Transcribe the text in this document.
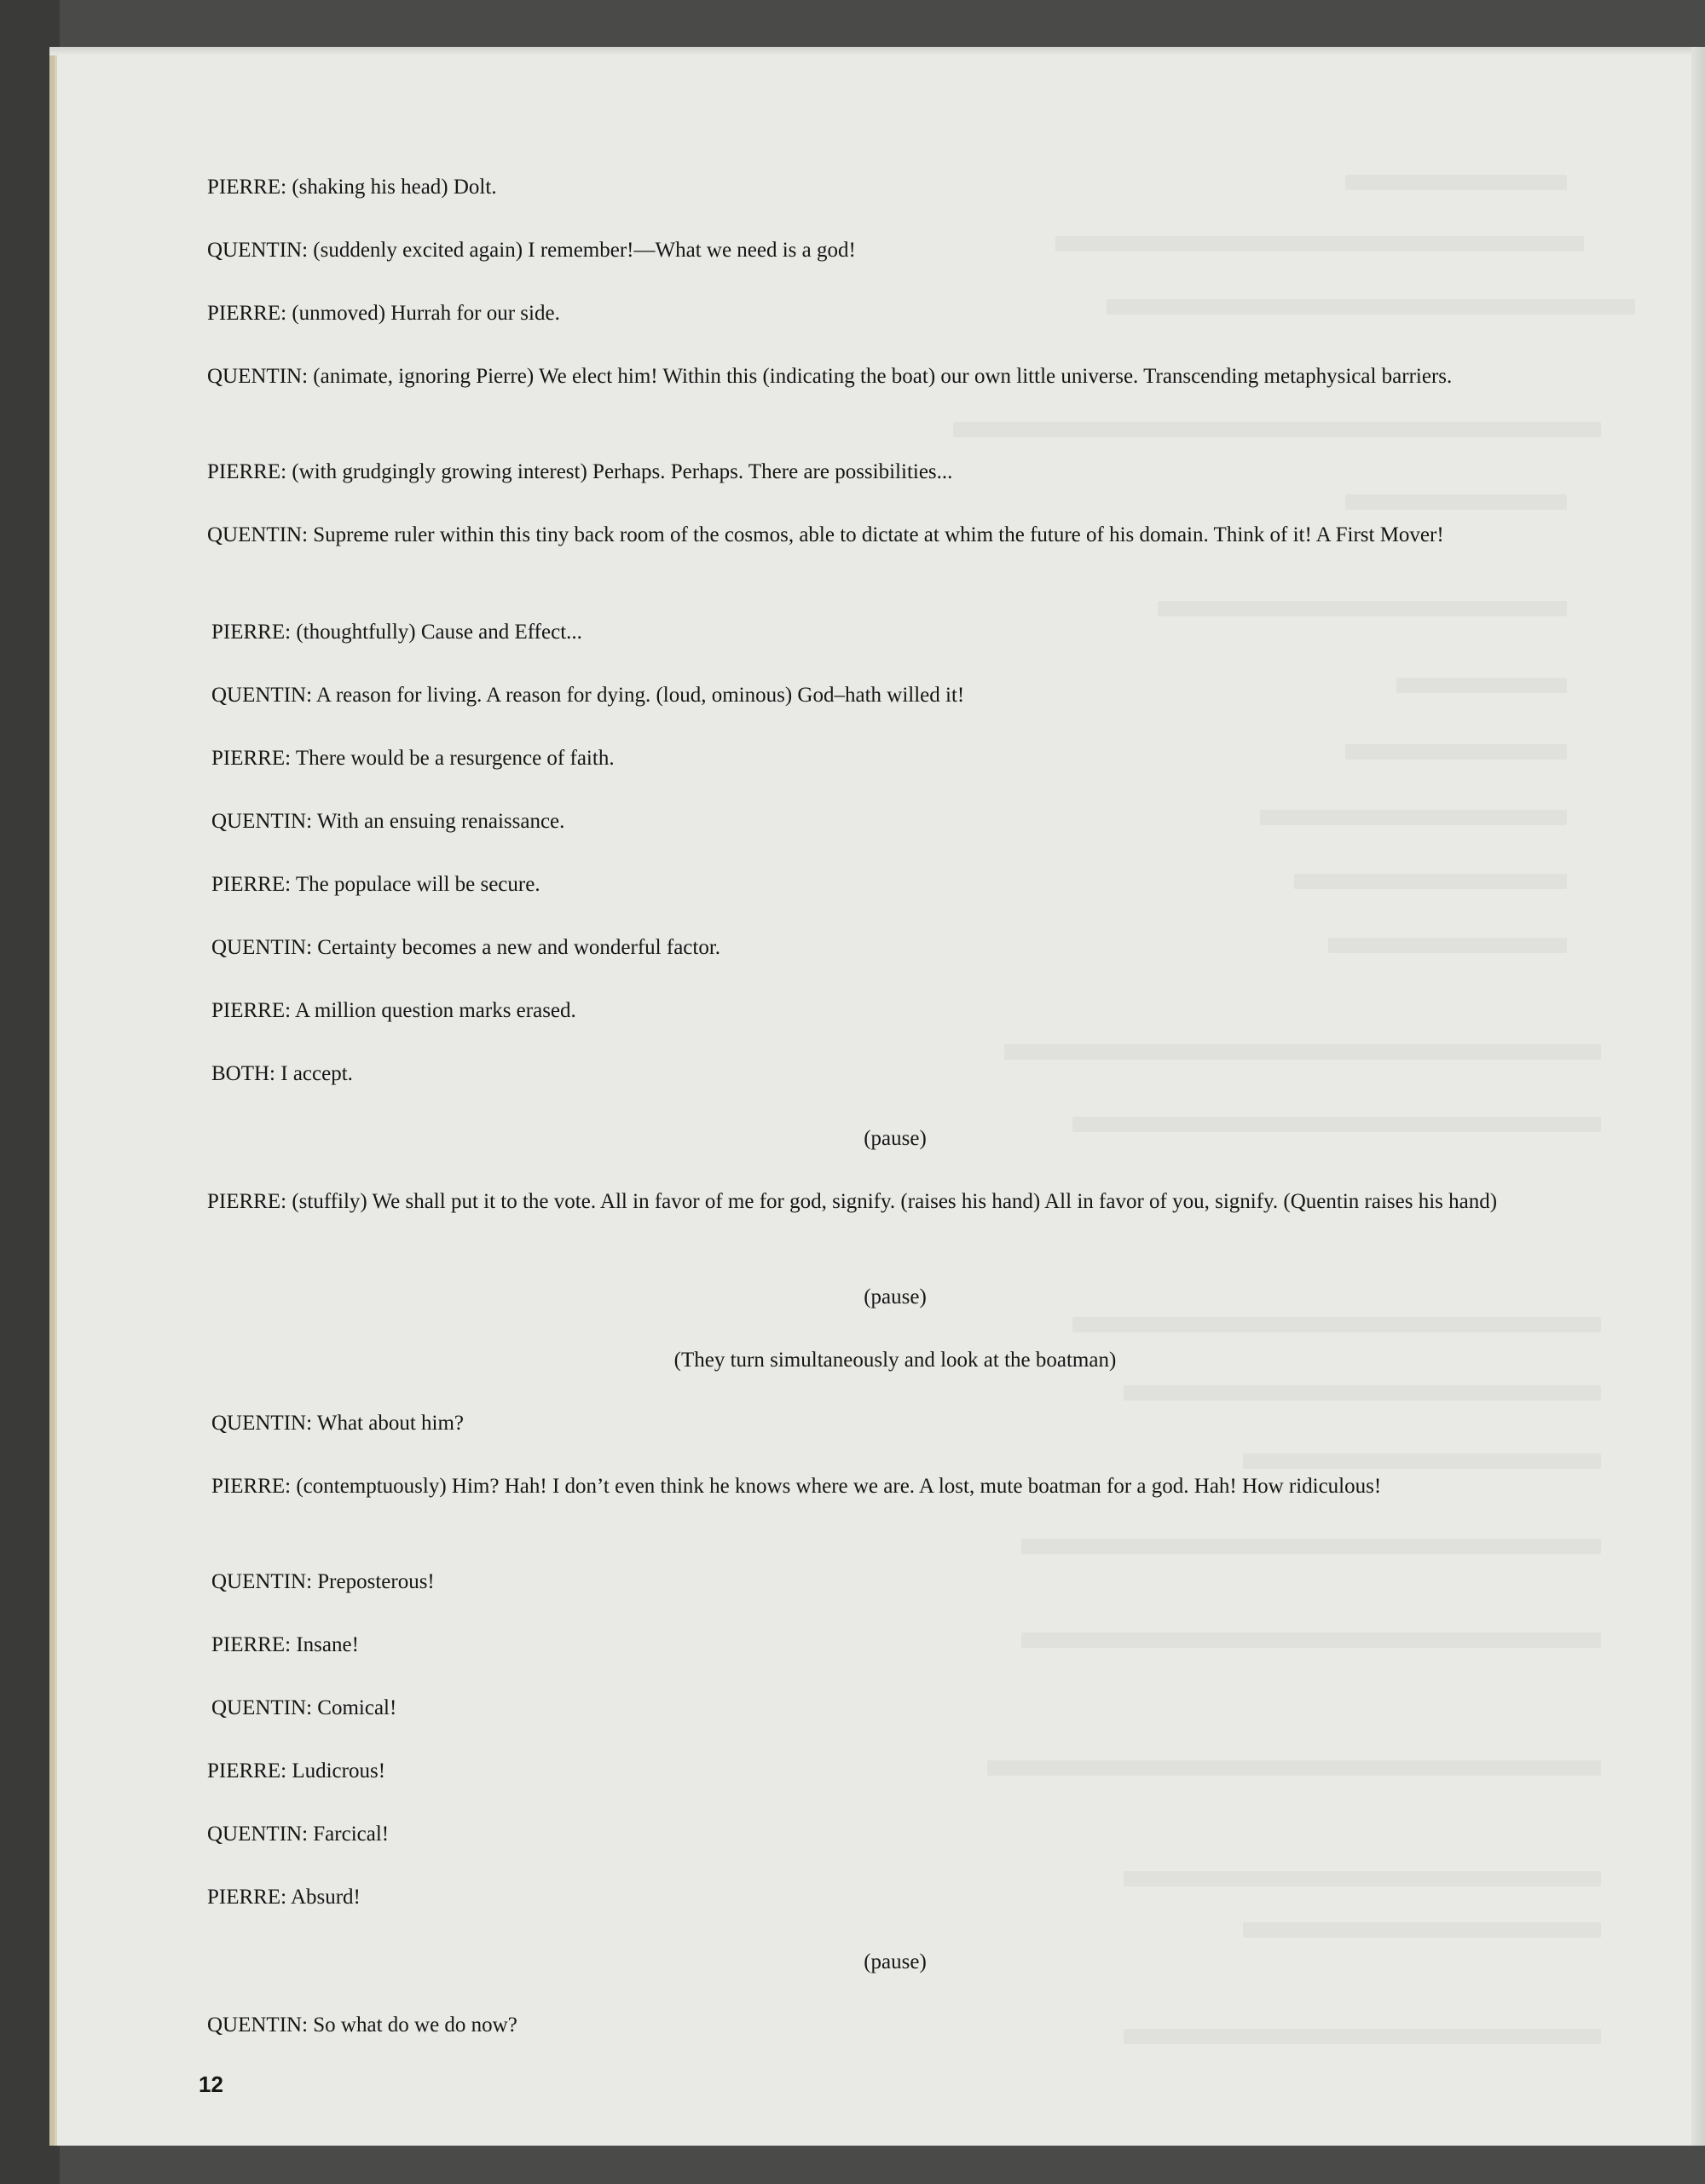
PIERRE: (shaking his head) Dolt.
QUENTIN: (suddenly excited again) I remember!––What we need is a god!
PIERRE: (unmoved) Hurrah for our side.
QUENTIN: (animate, ignoring Pierre) We elect him! Within this (indicating the boat) our own little universe. Transcending metaphysical barriers.
PIERRE: (with grudgingly growing interest) Perhaps. Perhaps. There are possibilities...
QUENTIN: Supreme ruler within this tiny back room of the cosmos, able to dictate at whim the future of his domain. Think of it! A First Mover!
PIERRE: (thoughtfully) Cause and Effect...
QUENTIN: A reason for living. A reason for dying. (loud, ominous) God–hath willed it!
PIERRE: There would be a resurgence of faith.
QUENTIN: With an ensuing renaissance.
PIERRE: The populace will be secure.
QUENTIN: Certainty becomes a new and wonderful factor.
PIERRE: A million question marks erased.
BOTH: I accept.
(pause)
PIERRE: (stuffily) We shall put it to the vote. All in favor of me for god, signify. (raises his hand) All in favor of you, signify. (Quentin raises his hand)
(pause)
(They turn simultaneously and look at the boatman)
QUENTIN: What about him?
PIERRE: (contemptuously) Him? Hah! I don’t even think he knows where we are. A lost, mute boatman for a god. Hah! How ridiculous!
QUENTIN: Preposterous!
PIERRE: Insane!
QUENTIN: Comical!
PIERRE: Ludicrous!
QUENTIN: Farcical!
PIERRE: Absurd!
(pause)
QUENTIN: So what do we do now?
12
